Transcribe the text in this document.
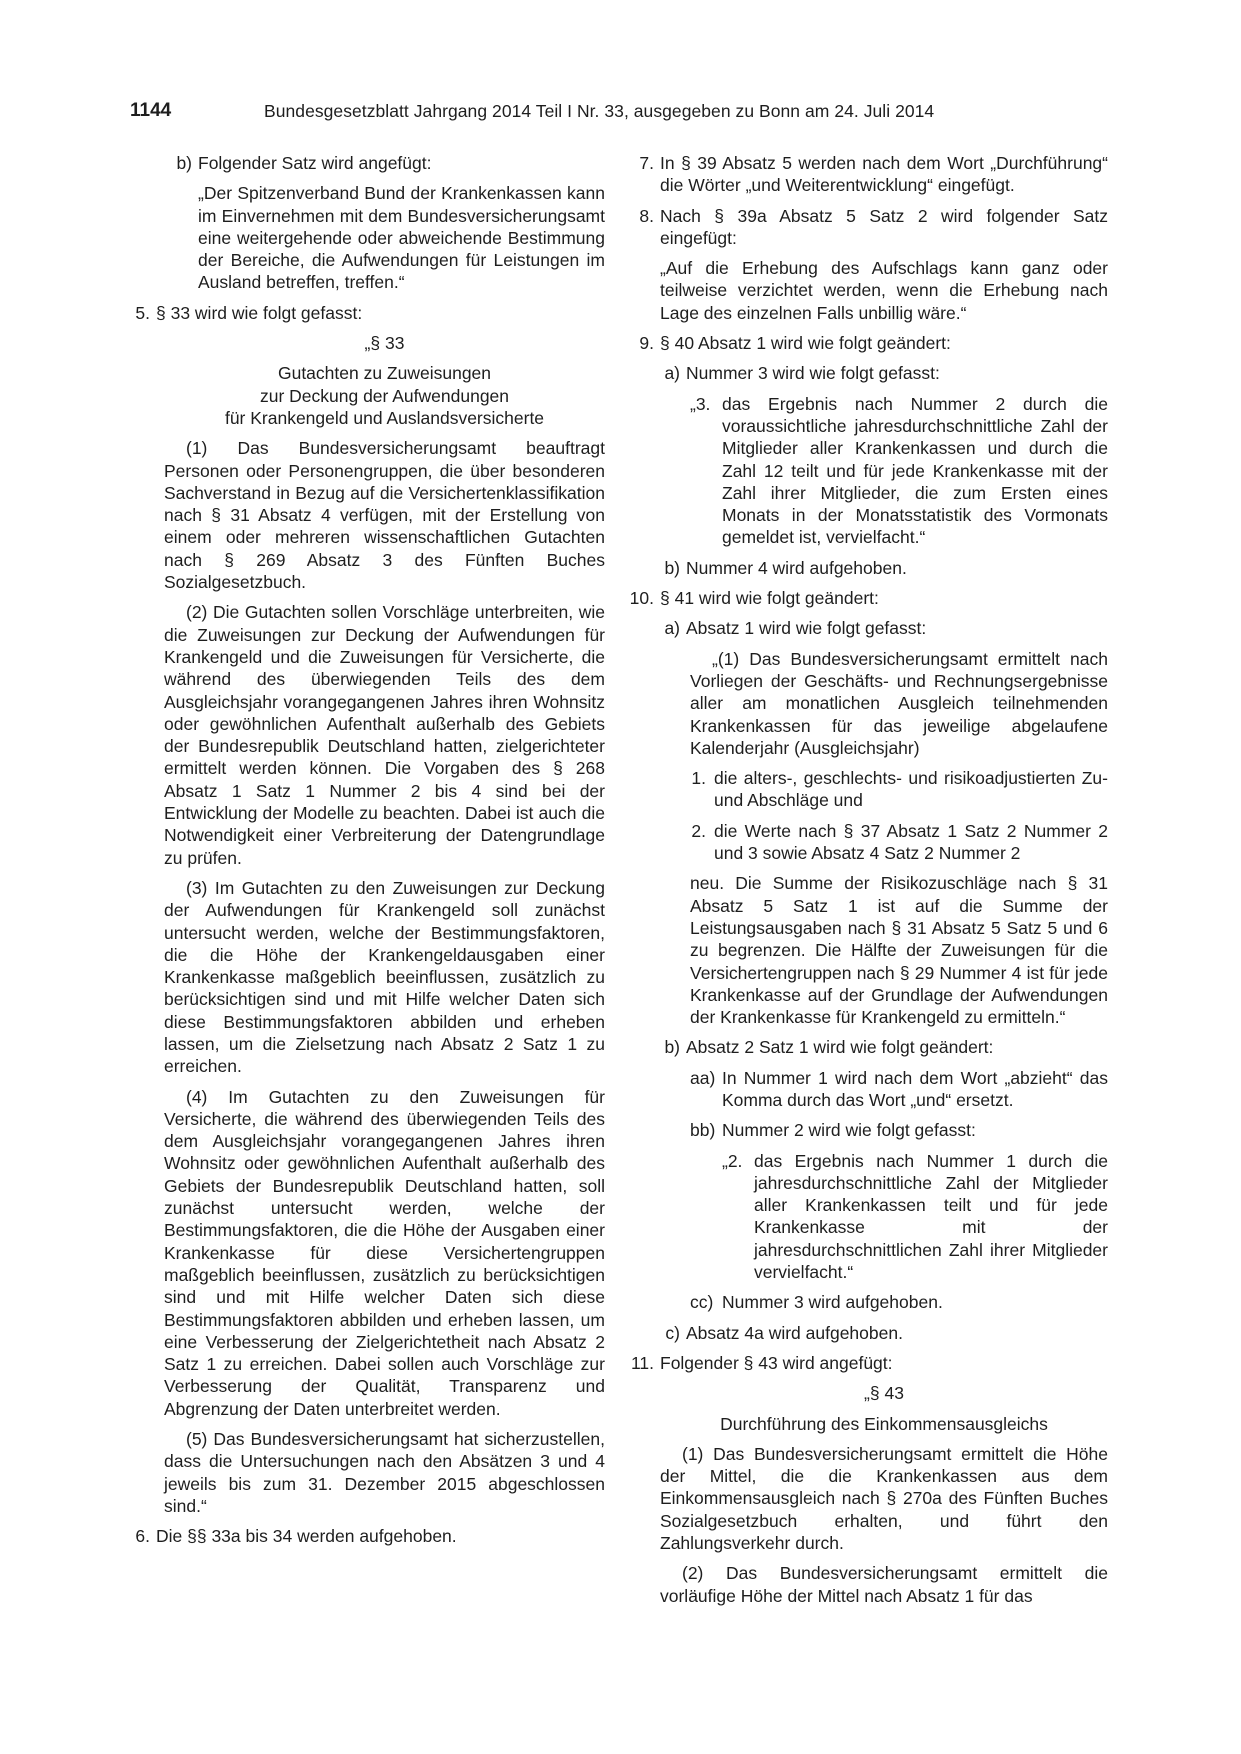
1144	Bundesgesetzblatt Jahrgang 2014 Teil I Nr. 33, ausgegeben zu Bonn am 24. Juli 2014
b) Folgender Satz wird angefügt:

„Der Spitzenverband Bund der Krankenkassen kann im Einvernehmen mit dem Bundesversicherungsamt eine weitergehende oder abweichende Bestimmung der Bereiche, die Aufwendungen für Leistungen im Ausland betreffen, treffen.“

5. § 33 wird wie folgt gefasst:

„§ 33

Gutachten zu Zuweisungen

zur Deckung der Aufwendungen

für Krankengeld und Auslandsversicherte

(1) Das Bundesversicherungsamt beauftragt Personen oder Personengruppen, die über besonderen Sachverstand in Bezug auf die Versichertenklassifikation nach § 31 Absatz 4 verfügen, mit der Erstellung von einem oder mehreren wissenschaftlichen Gutachten nach § 269 Absatz 3 des Fünften Buches Sozialgesetzbuch.

(2) Die Gutachten sollen Vorschläge unterbreiten, wie die Zuweisungen zur Deckung der Aufwendungen für Krankengeld und die Zuweisungen für Versicherte, die während des überwiegenden Teils des dem Ausgleichsjahr vorangegangenen Jahres ihren Wohnsitz oder gewöhnlichen Aufenthalt außerhalb des Gebiets der Bundesrepublik Deutschland hatten, zielgerichteter ermittelt werden können. Die Vorgaben des § 268 Absatz 1 Satz 1 Nummer 2 bis 4 sind bei der Entwicklung der Modelle zu beachten. Dabei ist auch die Notwendigkeit einer Verbreiterung der Datengrundlage zu prüfen.

(3) Im Gutachten zu den Zuweisungen zur Deckung der Aufwendungen für Krankengeld soll zunächst untersucht werden, welche der Bestimmungsfaktoren, die die Höhe der Krankengeldausgaben einer Krankenkasse maßgeblich beeinflussen, zusätzlich zu berücksichtigen sind und mit Hilfe welcher Daten sich diese Bestimmungsfaktoren abbilden und erheben lassen, um die Zielsetzung nach Absatz 2 Satz 1 zu erreichen.

(4) Im Gutachten zu den Zuweisungen für Versicherte, die während des überwiegenden Teils des dem Ausgleichsjahr vorangegangenen Jahres ihren Wohnsitz oder gewöhnlichen Aufenthalt außerhalb des Gebiets der Bundesrepublik Deutschland hatten, soll zunächst untersucht werden, welche der Bestimmungsfaktoren, die die Höhe der Ausgaben einer Krankenkasse für diese Versichertengruppen maßgeblich beeinflussen, zusätzlich zu berücksichtigen sind und mit Hilfe welcher Daten sich diese Bestimmungsfaktoren abbilden und erheben lassen, um eine Verbesserung der Zielgerichtetheit nach Absatz 2 Satz 1 zu erreichen. Dabei sollen auch Vorschläge zur Verbesserung der Qualität, Transparenz und Abgrenzung der Daten unterbreitet werden.

(5) Das Bundesversicherungsamt hat sicherzustellen, dass die Untersuchungen nach den Absätzen 3 und 4 jeweils bis zum 31. Dezember 2015 abgeschlossen sind.“

6. Die §§ 33a bis 34 werden aufgehoben.
7. In § 39 Absatz 5 werden nach dem Wort „Durchführung“ die Wörter „und Weiterentwicklung“ eingefügt.
8. Nach § 39a Absatz 5 Satz 2 wird folgender Satz eingefügt:

„Auf die Erhebung des Aufschlags kann ganz oder teilweise verzichtet werden, wenn die Erhebung nach Lage des einzelnen Falls unbillig wäre.“

9. § 40 Absatz 1 wird wie folgt geändert:
a) Nummer 3 wird wie folgt gefasst:
„3. das Ergebnis nach Nummer 2 durch die voraussichtliche jahresdurchschnittliche Zahl der Mitglieder aller Krankenkassen und durch die Zahl 12 teilt und für jede Krankenkasse mit der Zahl ihrer Mitglieder, die zum Ersten eines Monats in der Monatsstatistik des Vormonats gemeldet ist, vervielfacht.“
b) Nummer 4 wird aufgehoben.
10. § 41 wird wie folgt geändert:
a) Absatz 1 wird wie folgt gefasst:

„(1) Das Bundesversicherungsamt ermittelt nach Vorliegen der Geschäfts- und Rechnungsergebnisse aller am monatlichen Ausgleich teilnehmenden Krankenkassen für das jeweilige abgelaufene Kalenderjahr (Ausgleichsjahr)

1. die alters-, geschlechts- und risikoadjustierten Zu- und Abschläge und
2. die Werte nach § 37 Absatz 1 Satz 2 Nummer 2 und 3 sowie Absatz 4 Satz 2 Nummer 2

neu. Die Summe der Risikozuschläge nach § 31 Absatz 5 Satz 1 ist auf die Summe der Leistungsausgaben nach § 31 Absatz 5 Satz 5 und 6 zu begrenzen. Die Hälfte der Zuweisungen für die Versichertengruppen nach § 29 Nummer 4 ist für jede Krankenkasse auf der Grundlage der Aufwendungen der Krankenkasse für Krankengeld zu ermitteln.“

b) Absatz 2 Satz 1 wird wie folgt geändert:
aa) In Nummer 1 wird nach dem Wort „abzieht“ das Komma durch das Wort „und“ ersetzt.
bb) Nummer 2 wird wie folgt gefasst:
„2. das Ergebnis nach Nummer 1 durch die jahresdurchschnittliche Zahl der Mitglieder aller Krankenkassen teilt und für jede Krankenkasse mit der jahresdurchschnittlichen Zahl ihrer Mitglieder vervielfacht.“
cc) Nummer 3 wird aufgehoben.
c) Absatz 4a wird aufgehoben.
11. Folgender § 43 wird angefügt:

„§ 43

Durchführung des Einkommensausgleichs

(1) Das Bundesversicherungsamt ermittelt die Höhe der Mittel, die die Krankenkassen aus dem Einkommensausgleich nach § 270a des Fünften Buches Sozialgesetzbuch erhalten, und führt den Zahlungsverkehr durch.

(2) Das Bundesversicherungsamt ermittelt die vorläufige Höhe der Mittel nach Absatz 1 für das
